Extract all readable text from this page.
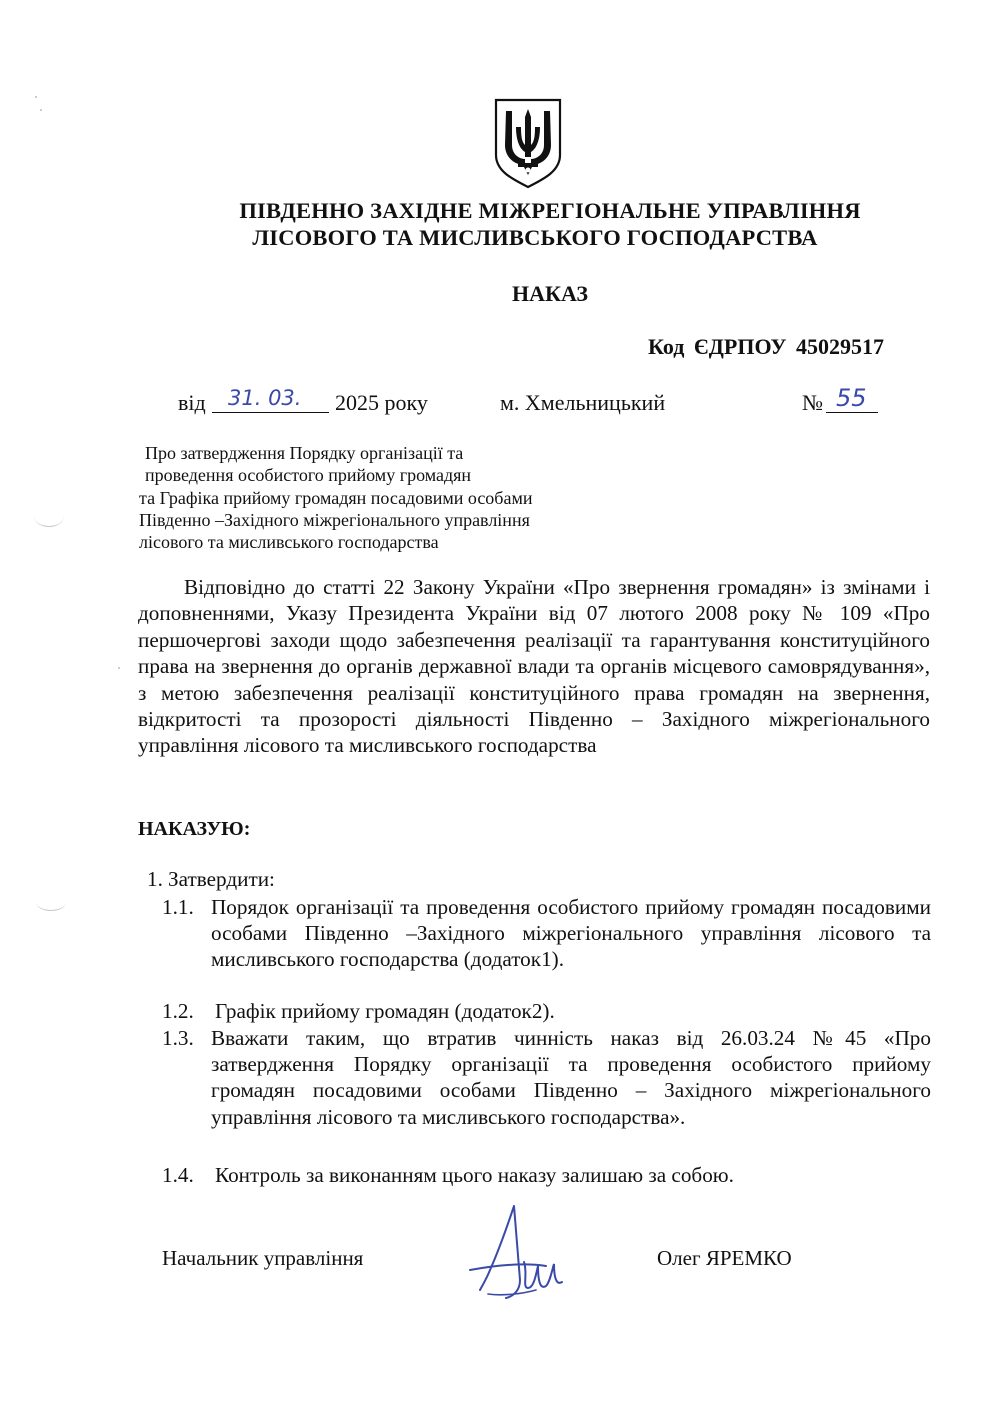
ПІВДЕННО ЗАХІДНЕ МІЖРЕГІОНАЛЬНЕ УПРАВЛІННЯ
ЛІСОВОГО ТА МИСЛИВСЬКОГО ГОСПОДАРСТВА
НАКАЗ
Код ЄДРПОУ 45029517
від 31. 03. 2025 року	м. Хмельницький	№ 55
Про затвердження Порядку організації та
проведення особистого прийому громадян
та Графіка прийому громадян посадовими особами
Південно –Західного міжрегіонального управління
лісового та мисливського господарства
Відповідно до статті 22 Закону України «Про звернення громадян» із змінами і доповненнями, Указу Президента України від 07 лютого 2008 року № 109 «Про першочергові заходи щодо забезпечення реалізації та гарантування конституційного права на звернення до органів державної влади та органів місцевого самоврядування», з метою забезпечення реалізації конституційного права громадян на звернення, відкритості та прозорості діяльності Південно – Західного міжрегіонального управління лісового та мисливського господарства
НАКАЗУЮ:
1. Затвердити:
1.1. Порядок організації та проведення особистого прийому громадян посадовими особами Південно –Західного міжрегіонального управління лісового та мисливського господарства (додаток1).
1.2. Графік прийому громадян (додаток2).
1.3. Вважати таким, що втратив чинність наказ від 26.03.24 №45 «Про затвердження Порядку організації та проведення особистого прийому громадян посадовими особами Південно – Західного міжрегіонального управління лісового та мисливського господарства».
1.4. Контроль за виконанням цього наказу залишаю за собою.
Начальник управління	Олег ЯРЕМКО
